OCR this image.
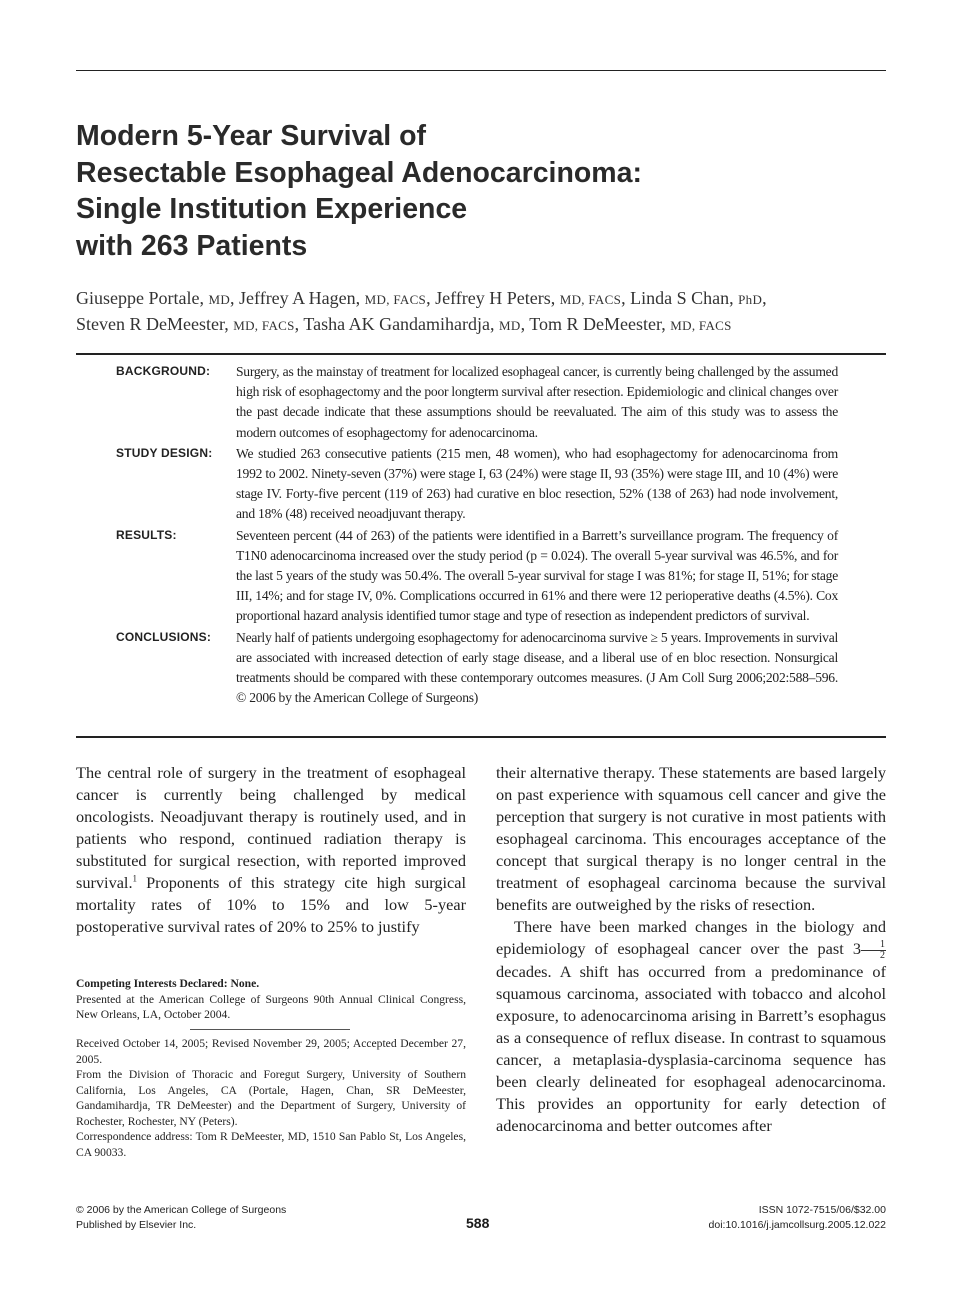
Modern 5-Year Survival of
Resectable Esophageal Adenocarcinoma:
Single Institution Experience
with 263 Patients
Giuseppe Portale, MD, Jeffrey A Hagen, MD, FACS, Jeffrey H Peters, MD, FACS, Linda S Chan, PhD,
Steven R DeMeester, MD, FACS, Tasha AK Gandamihardja, MD, Tom R DeMeester, MD, FACS
BACKGROUND: Surgery, as the mainstay of treatment for localized esophageal cancer, is currently being challenged by the assumed high risk of esophagectomy and the poor longterm survival after resection. Epidemiologic and clinical changes over the past decade indicate that these assumptions should be reevaluated. The aim of this study was to assess the modern outcomes of esophagectomy for adenocarcinoma.
STUDY DESIGN: We studied 263 consecutive patients (215 men, 48 women), who had esophagectomy for adenocarcinoma from 1992 to 2002. Ninety-seven (37%) were stage I, 63 (24%) were stage II, 93 (35%) were stage III, and 10 (4%) were stage IV. Forty-five percent (119 of 263) had curative en bloc resection, 52% (138 of 263) had node involvement, and 18% (48) received neoadjuvant therapy.
RESULTS:	Seventeen percent (44 of 263) of the patients were identified in a Barrett’s surveillance program. The frequency of T1N0 adenocarcinoma increased over the study period (p = 0.024). The overall 5-year survival was 46.5%, and for the last 5 years of the study was 50.4%. The overall 5-year survival for stage I was 81%; for stage II, 51%; for stage III, 14%; and for stage IV, 0%. Complications occurred in 61% and there were 12 perioperative deaths (4.5%). Cox proportional hazard analysis identified tumor stage and type of resection as independent predictors of survival.
CONCLUSIONS: Nearly half of patients undergoing esophagectomy for adenocarcinoma survive ≥ 5 years. Improvements in survival are associated with increased detection of early stage disease, and a liberal use of en bloc resection. Nonsurgical treatments should be compared with these contemporary outcomes measures. (J Am Coll Surg 2006;202:588–596. © 2006 by the American College of Surgeons)

The central role of surgery in the treatment of esophageal cancer is currently being challenged by medical oncologists. Neoadjuvant therapy is routinely used, and in patients who respond, continued radiation therapy is substituted for surgical resection, with reported improved survival.$^1$ Proponents of this strategy cite high surgical mortality rates of 10% to 15% and low 5-year postoperative survival rates of 20% to 25% to justify

their alternative therapy. These statements are based largely on past experience with squamous cell cancer and give the perception that surgery is not curative in most patients with esophageal carcinoma. This encourages acceptance of the concept that surgical therapy is no longer central in the treatment of esophageal carcinoma because the survival benefits are outweighed by the risks of resection.

There have been marked changes in the biology and epidemiology of esophageal cancer over the past $3 \frac{1}{2}$
decades. A shift has occurred from a predominance of squamous carcinoma, associated with tobacco and alcohol exposure, to adenocarcinoma arising in Barrett’s esophagus as a consequence of reflux disease. In contrast to squamous cancer, a metaplasia-dysplasia-carcinoma sequence has been clearly delineated for esophageal adenocarcinoma. This provides an opportunity for early detection of adenocarcinoma and better outcomes after

Competing Interests Declared: None.

Presented at the American College of Surgeons 90th Annual Clinical Congress, New Orleans, LA, October 2004.

Received October 14, 2005; Revised November 29, 2005; Accepted December 27, 2005.

From the Division of Thoracic and Foregut Surgery, University of Southern California, Los Angeles, CA (Portale, Hagen, Chan, SR DeMeester, Gandamihardja, TR DeMeester) and the Department of Surgery, University of Rochester, Rochester, NY (Peters).

Correspondence address: Tom R DeMeester, MD, 1510 San Pablo St, Los Angeles, CA 90033.

© 2006 by the American College of Surgeons
Published by Elsevier Inc.	588
ISSN 1072-7515/06/$32.00
doi:10.1016/j.jamcollsurg.2005.12.022
